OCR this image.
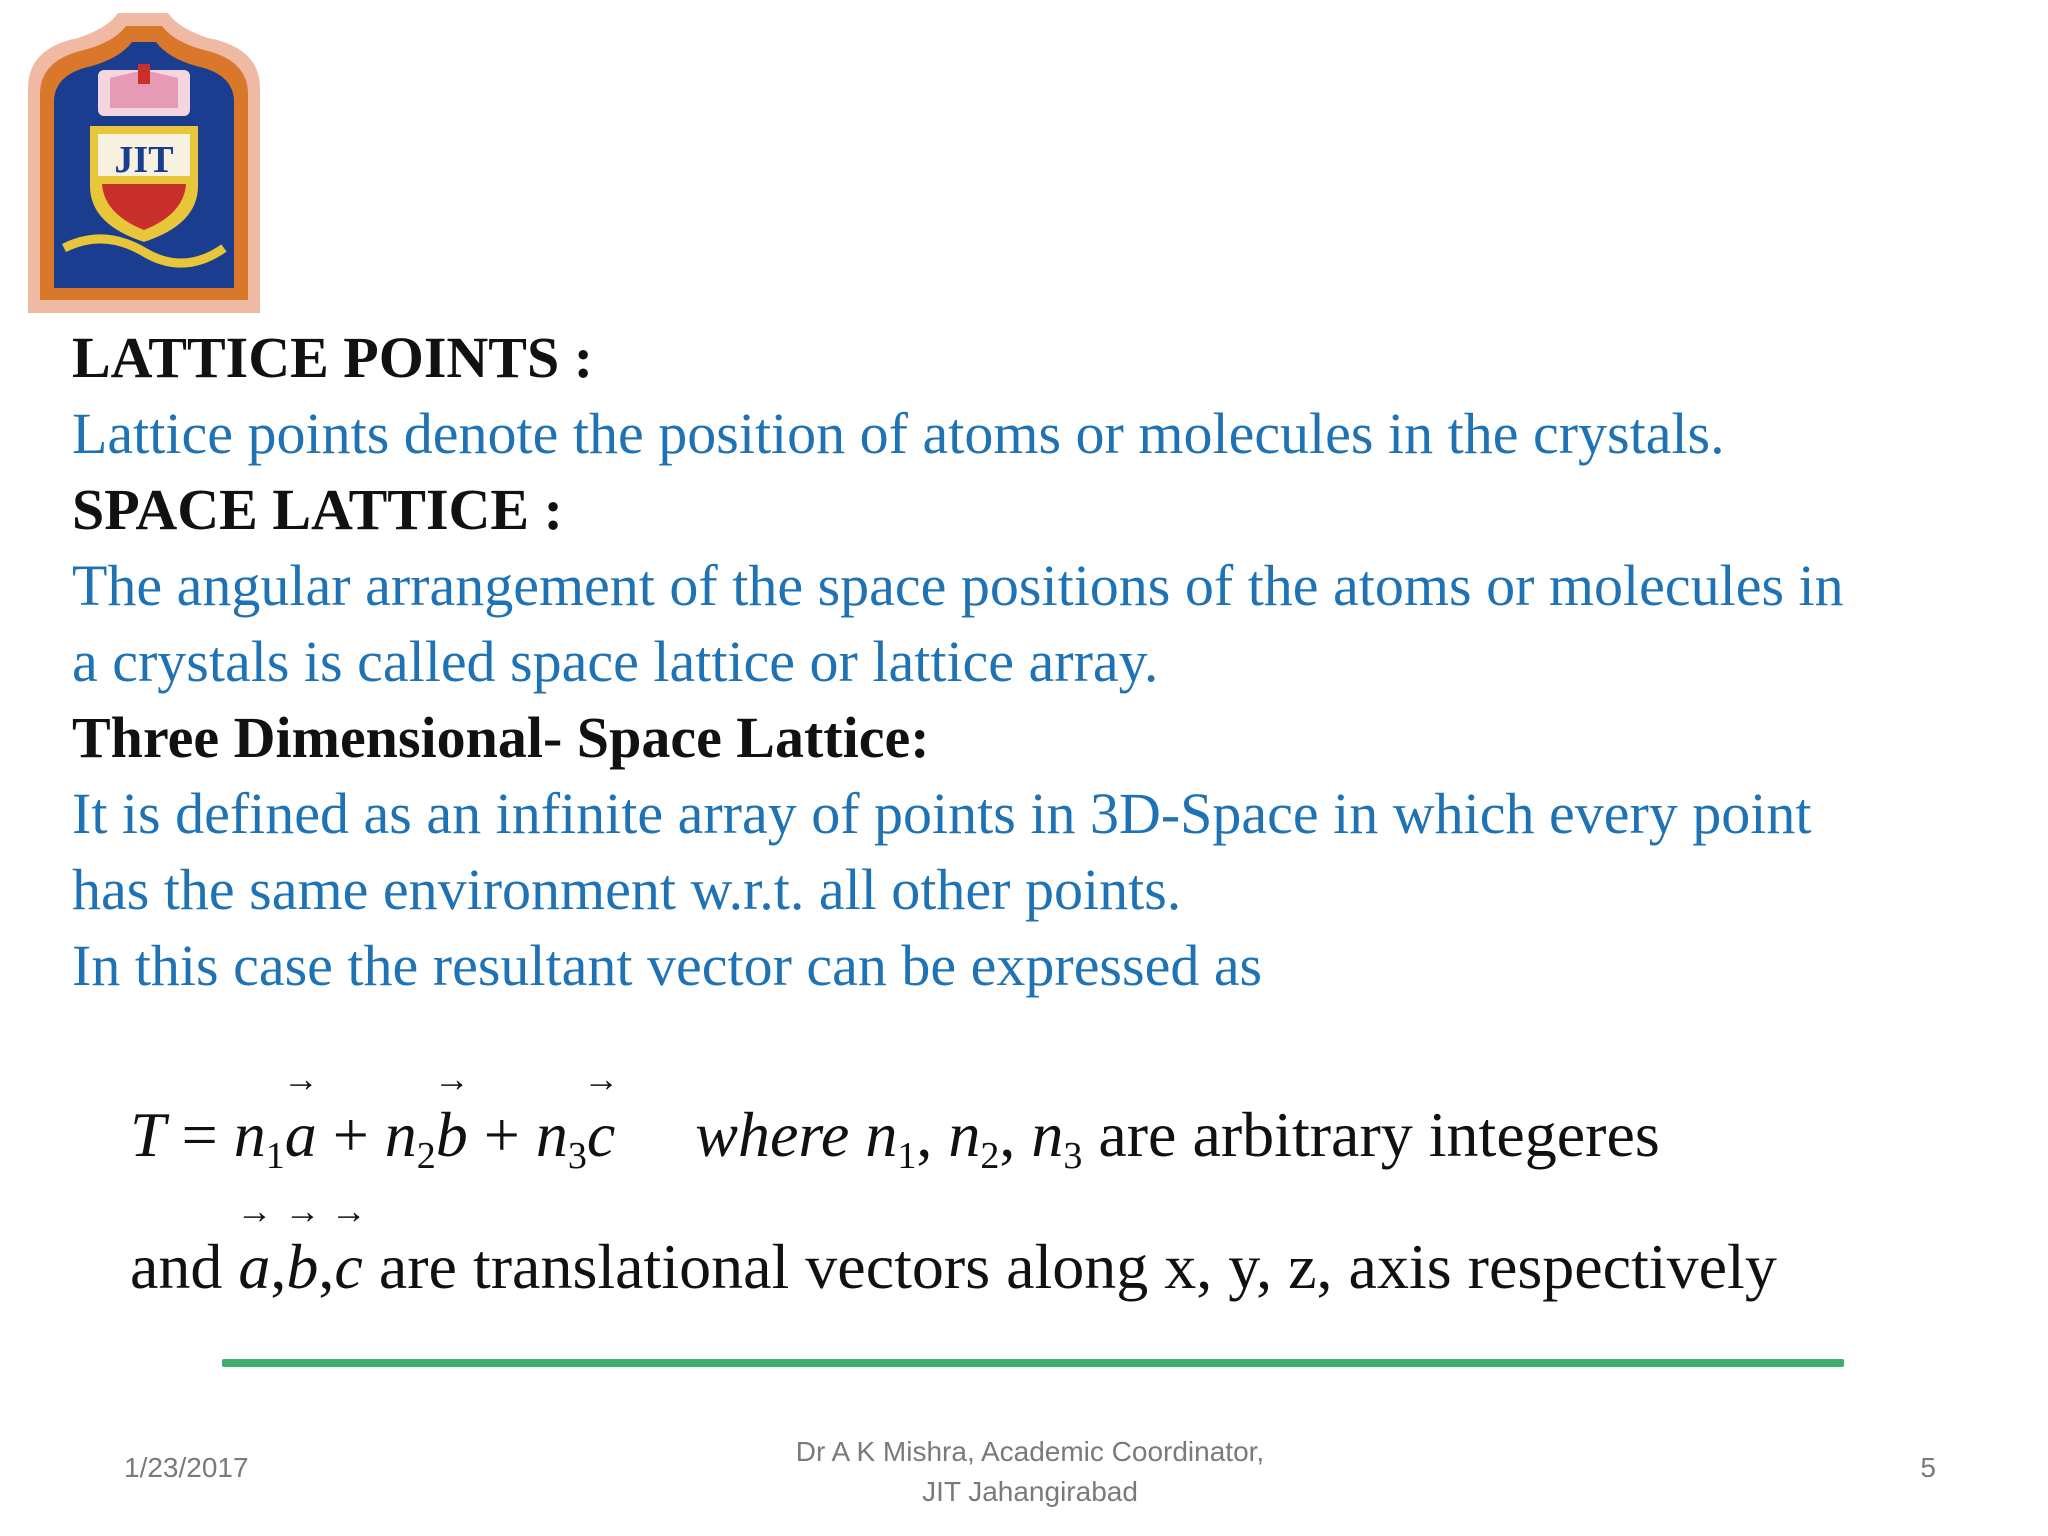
JIT
LATTICE POINTS :
Lattice points denote the position of atoms or molecules in the crystals.
SPACE LATTICE :
The angular arrangement of the space positions of the atoms or molecules in
a crystals is called space lattice or lattice array.
Three Dimensional- Space Lattice:
It is defined as an infinite array of points in 3D-Space in which every point
has the same environment w.r.t. all other points.
In this case the resultant vector can be expressed as
$T = n_1\to a + n_2\to b + n_3\to c$ where $n_1$, $n_2$, $n_3$ are arbitrary integeres
and → a,→ b,→ c are translational vectors along x, y, z, axis respectively
1/23/2017
Dr A K Mishra, Academic Coordinator,
JIT Jahangirabad
5
